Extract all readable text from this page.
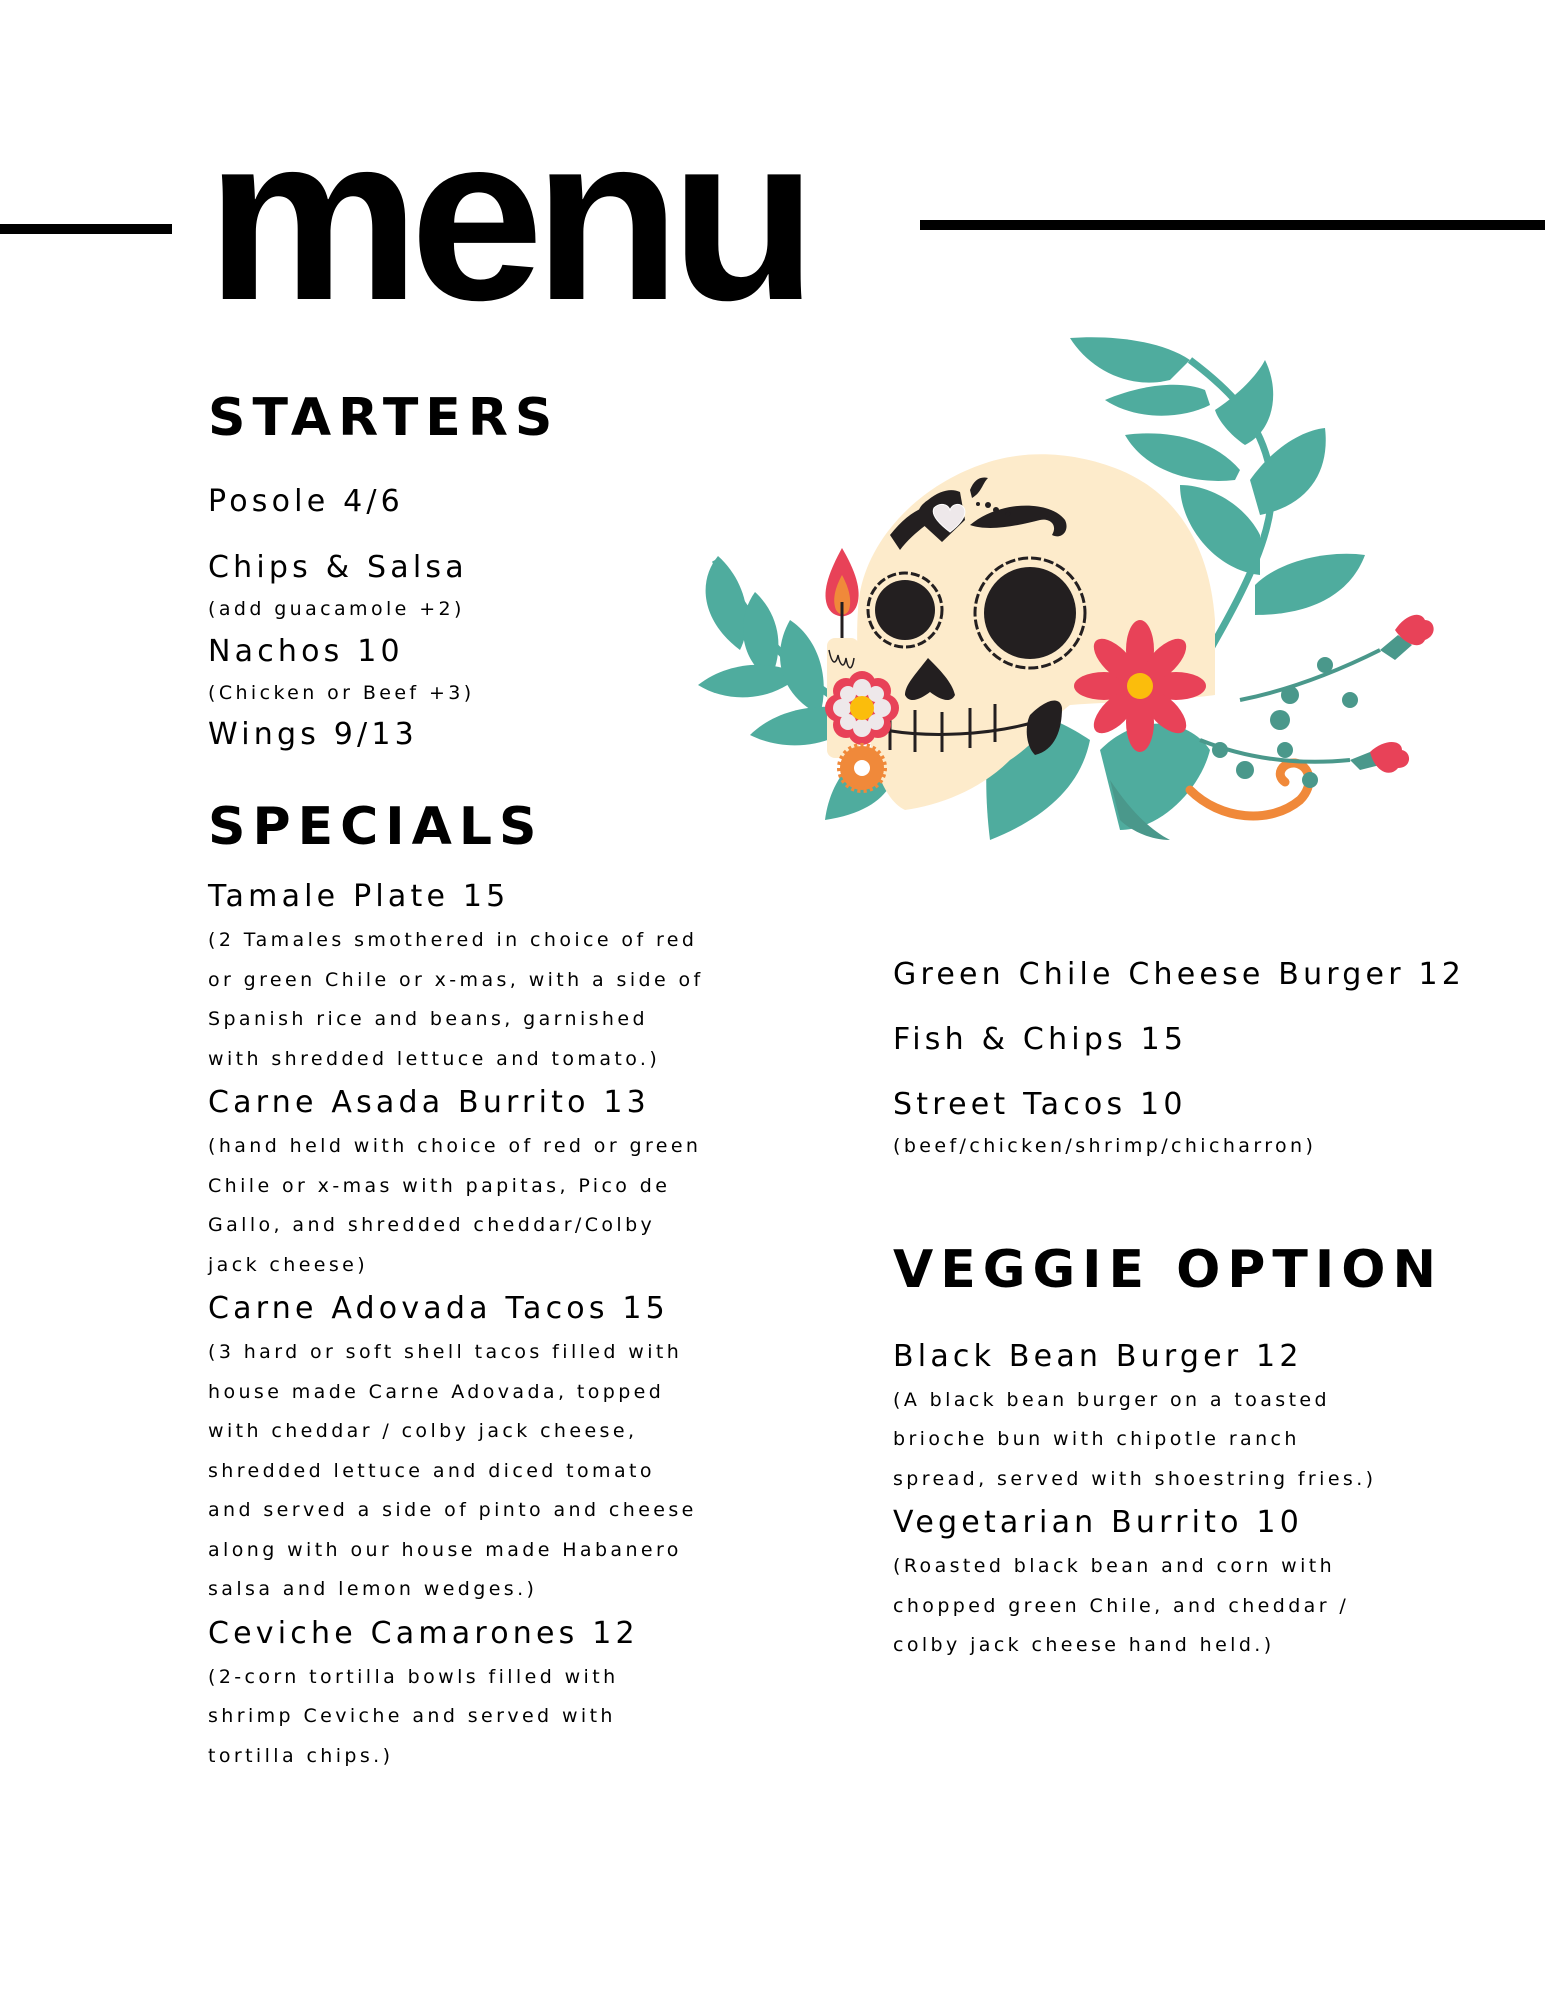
menu
STARTERS

Posole 4/6

Chips & Salsa

(add guacamole +2)

Nachos 10

(Chicken or Beef +3)

Wings 9/13

SPECIALS

Tamale Plate 15

(2 Tamales smothered in choice of red
or green Chile or x-mas, with a side of
Spanish rice and beans, garnished
with shredded lettuce and tomato.)

Carne Asada Burrito 13

(hand held with choice of red or green
Chile or x-mas with papitas, Pico de
Gallo, and shredded cheddar/Colby
jack cheese)

Carne Adovada Tacos 15

(3 hard or soft shell tacos filled with
house made Carne Adovada, topped
with cheddar / colby jack cheese,
shredded lettuce and diced tomato
and served a side of pinto and cheese
along with our house made Habanero
salsa and lemon wedges.)

Ceviche Camarones 12

(2-corn tortilla bowls filled with
shrimp Ceviche and served with
tortilla chips.)

Green Chile Cheese Burger 12

Fish & Chips 15

Street Tacos 10

(beef/chicken/shrimp/chicharron)

VEGGIE OPTION

Black Bean Burger 12

(A black bean burger on a toasted
brioche bun with chipotle ranch
spread, served with shoestring fries.)

Vegetarian Burrito 10

(Roasted black bean and corn with
chopped green Chile, and cheddar /
colby jack cheese hand held.)
